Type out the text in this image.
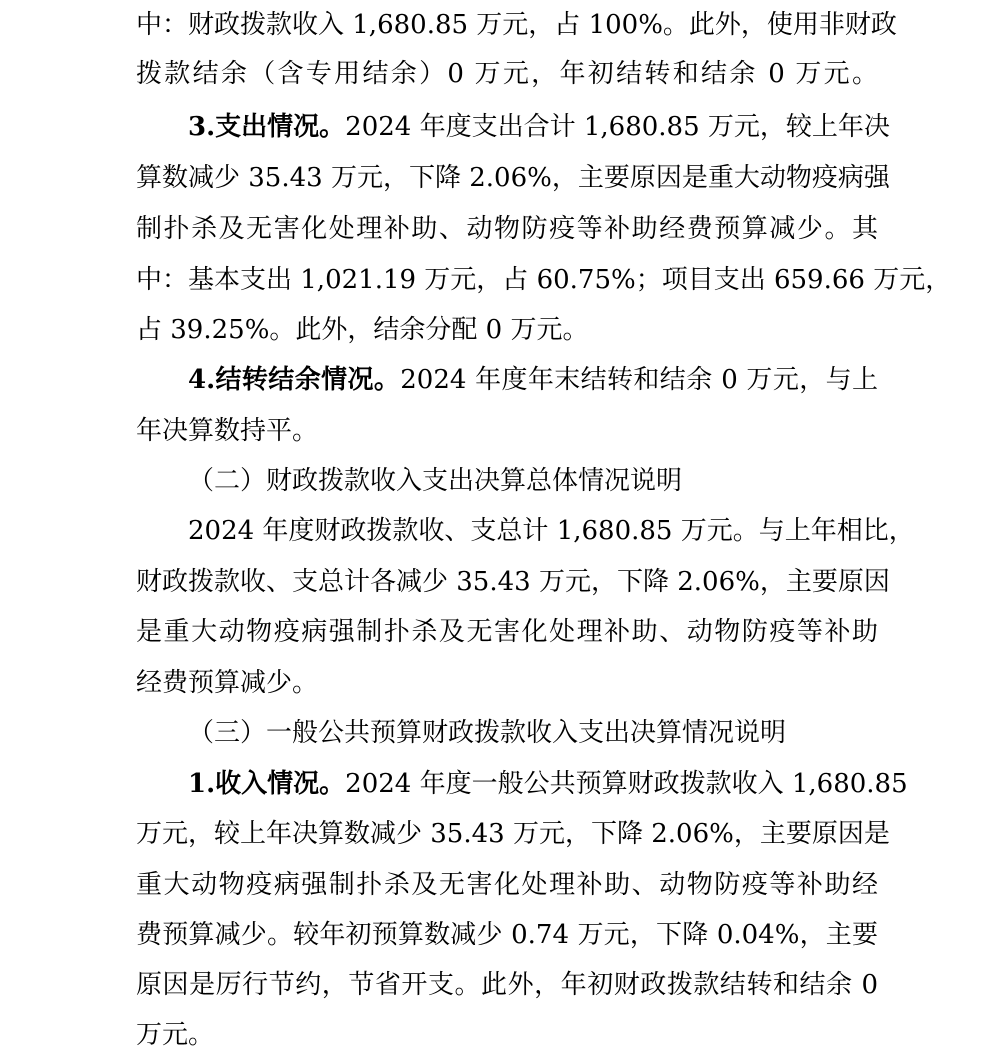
中：财政拨款收入 1,680.85 万元，占 100%。此外，使用非财政
拨款结余（含专用结余）0 万元，年初结转和结余 0 万元。
3.支出情况。2024 年度支出合计 1,680.85 万元，较上年决
算数减少 35.43 万元，下降 2.06%，主要原因是重大动物疫病强
制扑杀及无害化处理补助、动物防疫等补助经费预算减少。其
中：基本支出 1,021.19 万元，占 60.75%；项目支出 659.66 万元，
占 39.25%。此外，结余分配 0 万元。
4.结转结余情况。2024 年度年末结转和结余 0 万元，与上
年决算数持平。
（二）财政拨款收入支出决算总体情况说明
2024 年度财政拨款收、支总计 1,680.85 万元。与上年相比，
财政拨款收、支总计各减少 35.43 万元，下降 2.06%，主要原因
是重大动物疫病强制扑杀及无害化处理补助、动物防疫等补助
经费预算减少。
（三）一般公共预算财政拨款收入支出决算情况说明
1.收入情况。2024 年度一般公共预算财政拨款收入 1,680.85
万元，较上年决算数减少 35.43 万元，下降 2.06%，主要原因是
重大动物疫病强制扑杀及无害化处理补助、动物防疫等补助经
费预算减少。较年初预算数减少 0.74 万元，下降 0.04%，主要
原因是厉行节约，节省开支。此外，年初财政拨款结转和结余 0
万元。
